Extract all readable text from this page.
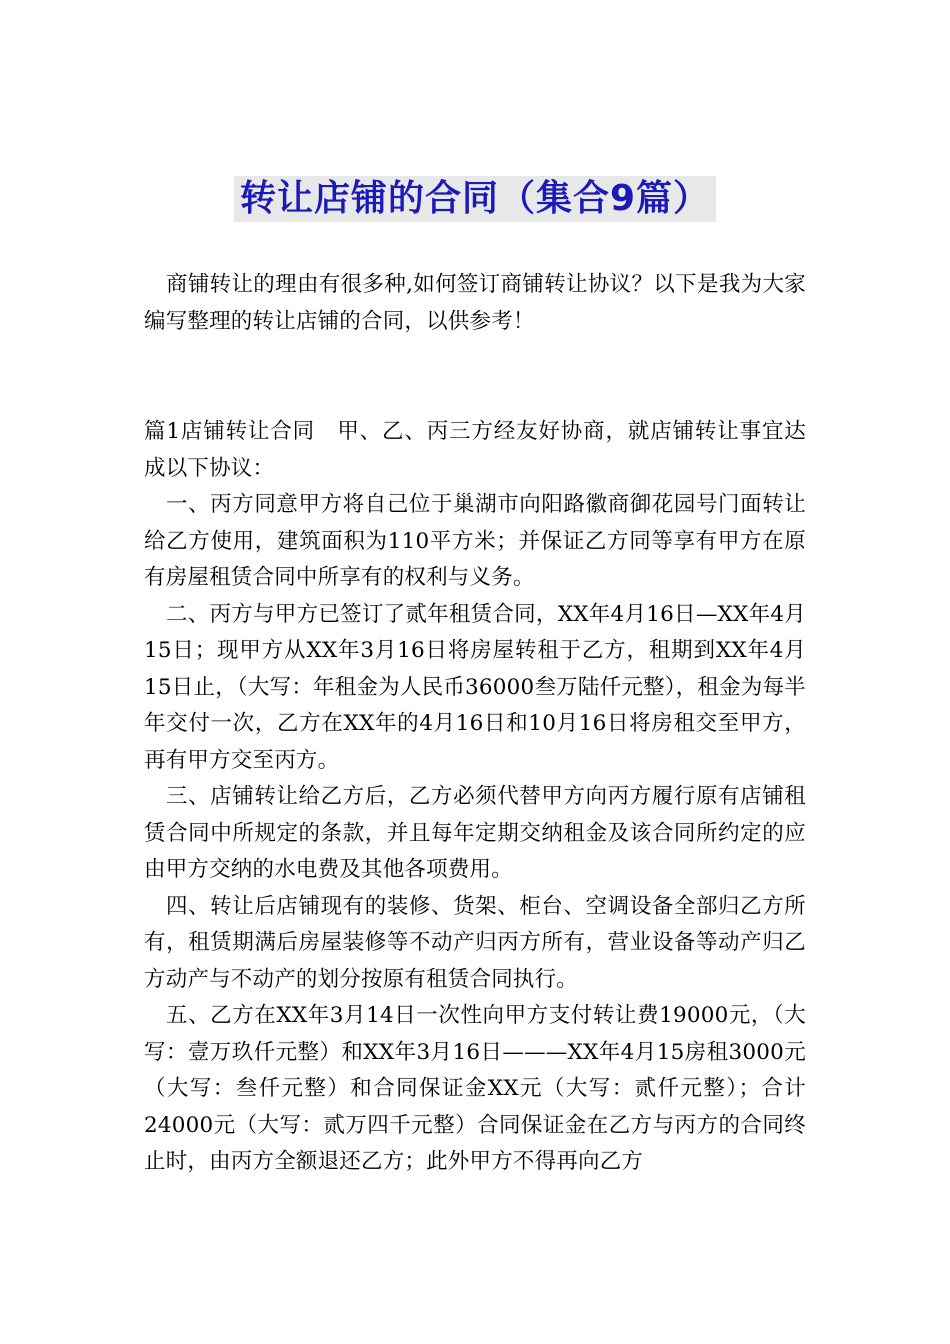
转让店铺的合同（集合9篇）

商铺转让的理由有很多种,如何签订商铺转让协议？以下是我为大家编写整理的转让店铺的合同，以供参考！

篇1店铺转让合同　甲、乙、丙三方经友好协商，就店铺转让事宜达成以下协议：

一、丙方同意甲方将自己位于巢湖市向阳路徽商御花园号门面转让给乙方使用，建筑面积为110平方米；并保证乙方同等享有甲方在原有房屋租赁合同中所享有的权利与义务。

二、丙方与甲方已签订了贰年租赁合同，XX年4月16日—XX年4月15日；现甲方从XX年3月16日将房屋转租于乙方，租期到XX年4月15日止，（大写：年租金为人民币36000叁万陆仟元整），租金为每半年交付一次，乙方在XX年的4月16日和10月16日将房租交至甲方，再有甲方交至丙方。

三、店铺转让给乙方后，乙方必须代替甲方向丙方履行原有店铺租赁合同中所规定的条款，并且每年定期交纳租金及该合同所约定的应由甲方交纳的水电费及其他各项费用。

四、转让后店铺现有的装修、货架、柜台、空调设备全部归乙方所有，租赁期满后房屋装修等不动产归丙方所有，营业设备等动产归乙方动产与不动产的划分按原有租赁合同执行。

五、乙方在XX年3月14日一次性向甲方支付转让费19000元，（大写：壹万玖仟元整）和XX年3月16日———XX年4月15房租3000元（大写：叁仟元整）和合同保证金XX元（大写：贰仟元整）；合计24000元（大写：贰万四千元整）合同保证金在乙方与丙方的合同终止时，由丙方全额退还乙方；此外甲方不得再向乙方
